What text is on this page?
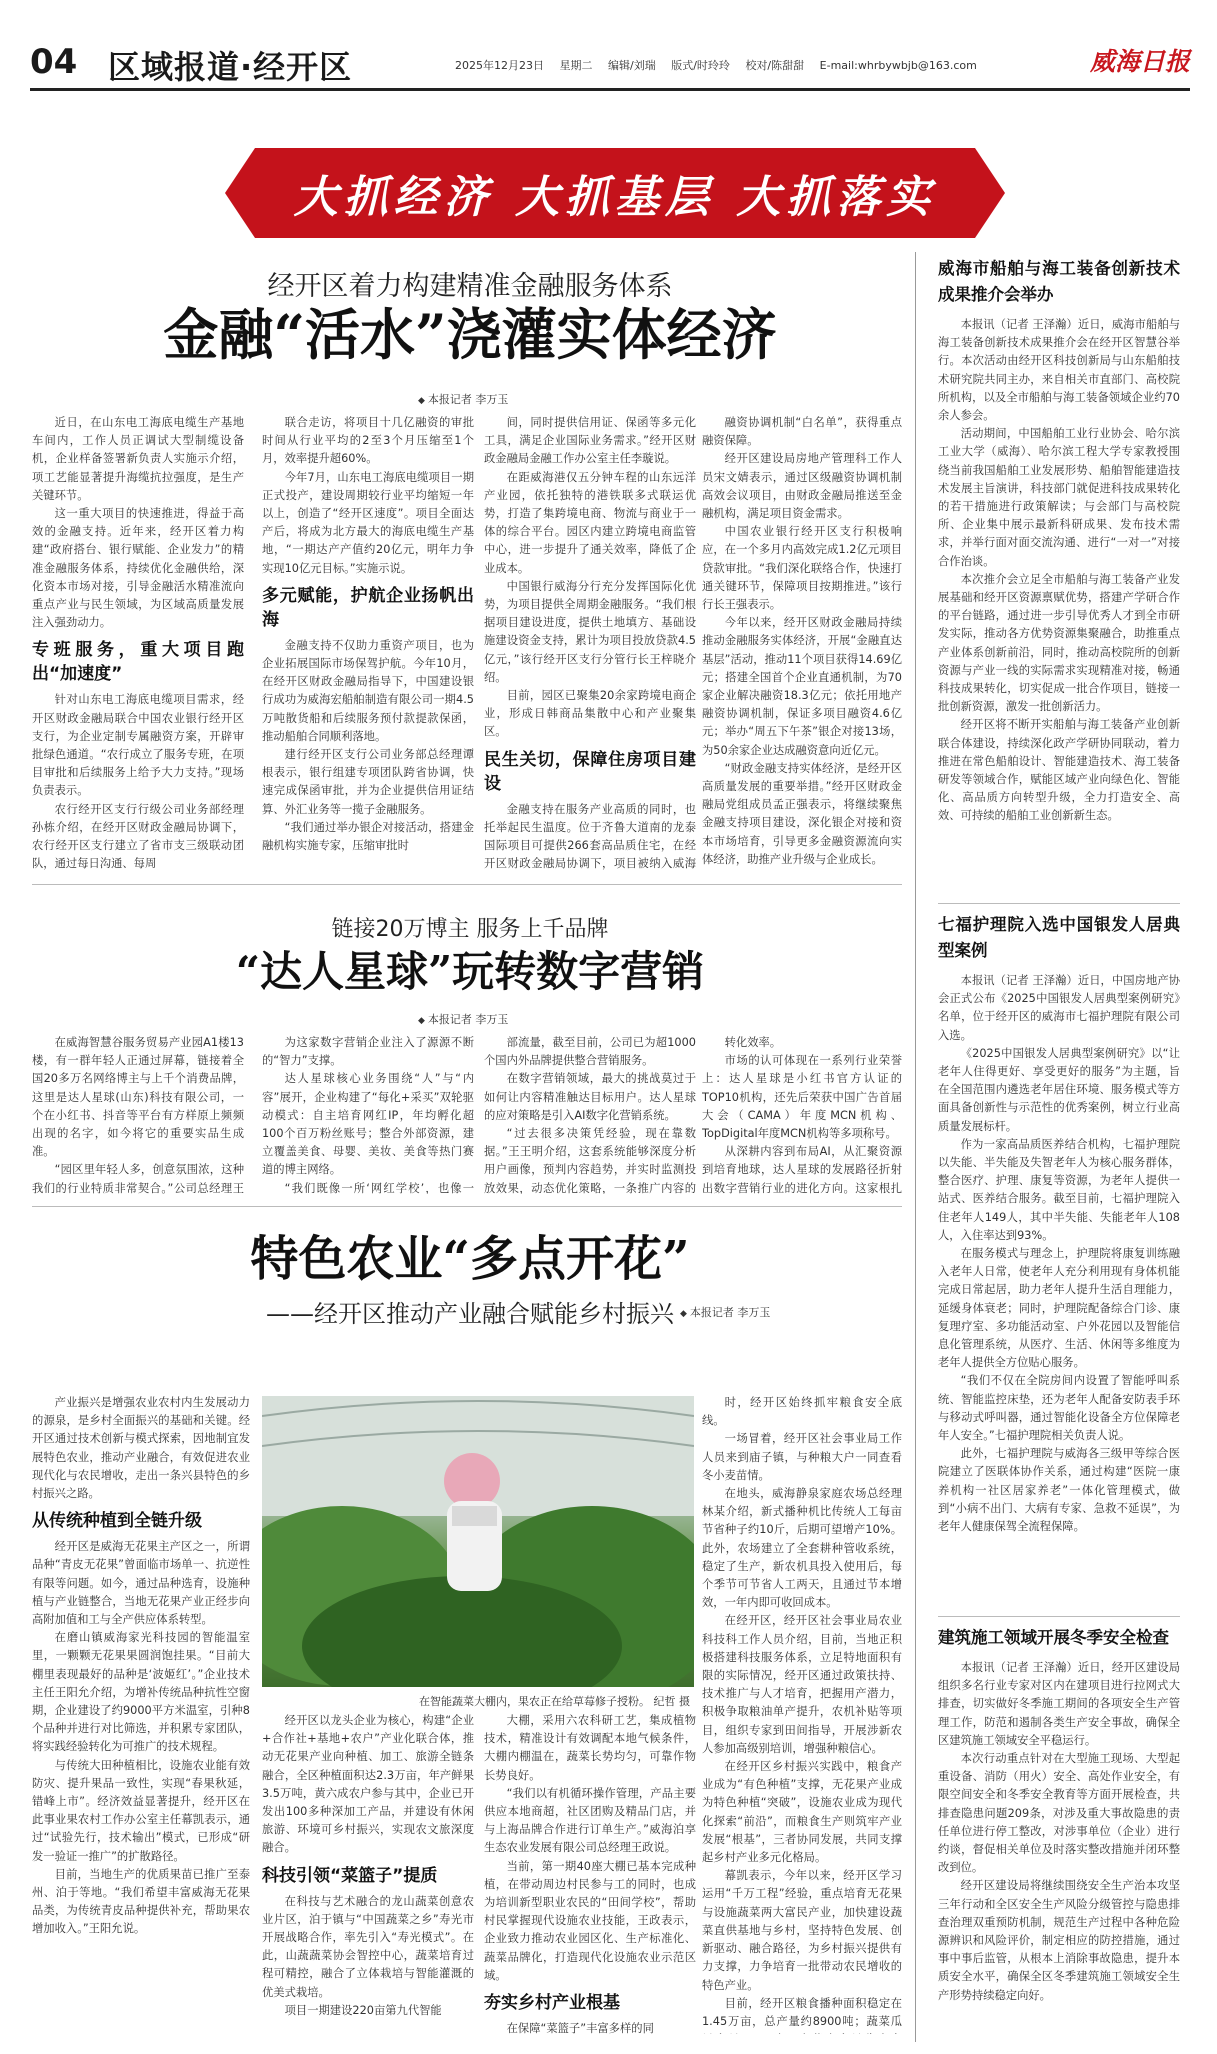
04 区域报道·经开区	2025年12月23日 星期二 编辑/刘瑞 版式/时玲玲 校对/陈甜甜 E-mail:whrbywbjb@163.com	威海日报
大抓经济 大抓基层 大抓落实
经开区着力构建精准金融服务体系
金融“活水”浇灌实体经济
◆ 本报记者 李万玉

近日，在山东电工海底电缆生产基地车间内，工作人员正调试大型制缆设备机，企业样备签署新负责人实施示介绍，项工艺能显著提升海缆抗拉强度，是生产关键环节。

这一重大项目的快速推进，得益于高效的金融支持。近年来，经开区着力构建“政府搭台、银行赋能、企业发力”的精准金融服务体系，持续优化金融供给，深化资本市场对接，引导金融活水精准流向重点产业与民生领域，为区域高质量发展注入强劲动力。

专班服务，重大项目跑出“加速度”

针对山东电工海底电缆项目需求，经开区财政金融局联合中国农业银行经开区支行，为企业定制专属融资方案，开辟审批绿色通道。“农行成立了服务专班，在项目审批和后续服务上给予大力支持。”现场负责表示。

农行经开区支行行级公司业务部经理孙栋介绍，在经开区财政金融局协调下，农行经开区支行建立了省市支三级联动团队，通过每日沟通、每周

联合走访，将项目十几亿融资的审批时间从行业平均的2至3个月压缩至1个月，效率提升超60%。

今年7月，山东电工海底电缆项目一期正式投产，建设周期较行业平均缩短一年以上，创造了“经开区速度”。项目全面达产后，将成为北方最大的海底电缆生产基地，“一期达产产值约20亿元，明年力争实现10亿元目标。”实施示说。

多元赋能，护航企业扬帆出海

金融支持不仅助力重资产项目，也为企业拓展国际市场保驾护航。今年10月，在经开区财政金融局指导下，中国建设银行成功为威海宏船舶制造有限公司一期4.5万吨散货船和后续服务预付款提款保函，推动船舶合同顺利落地。

建行经开区支行公司业务部总经理谭根表示，银行组建专项团队跨省协调，快速完成保函审批，并为企业提供信用证结算、外汇业务等一揽子金融服务。

“我们通过举办银企对接活动，搭建金融机构实施专家，压缩审批时

间，同时提供信用证、保函等多元化工具，满足企业国际业务需求。”经开区财政金融局金融工作办公室主任李璇说。

在距威海港仅五分钟车程的山东远洋产业园，依托独特的港铁联多式联运优势，打造了集跨境电商、物流与商业于一体的综合平台。园区内建立跨境电商监管中心，进一步提升了通关效率，降低了企业成本。

中国银行威海分行充分发挥国际化优势，为项目提供全周期金融服务。“我们根据项目建设进度，提供土地填方、基础设施建设资金支持，累计为项目投放贷款4.5亿元，”该行经开区支行分管行长王梓晓介绍。

目前，园区已聚集20余家跨境电商企业，形成日韩商品集散中心和产业聚集区。

民生关切，保障住房项目建设

金融支持在服务产业高质的同时，也托举起民生温度。位于齐鲁大道南的龙泰国际项目可提供266套高品质住宅，在经开区财政金融局协调下，项目被纳入威海

融资协调机制“白名单”，获得重点融资保障。

经开区建设局房地产管理科工作人员宋文婧表示，通过区级融资协调机制高效会议项目，由财政金融局推送至金融机构，满足项目资金需求。

中国农业银行经开区支行积极响应，在一个多月内高效完成1.2亿元项目贷款审批。“我们深化联络合作，快速打通关键环节，保障项目按期推进。”该行行长王强表示。

今年以来，经开区财政金融局持续推动金融服务实体经济，开展“金融直达基层”活动，推动11个项目获得14.69亿元；搭建全国首个企业直通机制，为70家企业解决融资18.3亿元；依托用地产融资协调机制，保证多项目融资4.6亿元；举办“周五下午茶”银企对接13场，为50余家企业达成融资意向近亿元。

“财政金融支持实体经济，是经开区高质量发展的重要举措。”经开区财政金融局党组成员孟正强表示，将继续聚焦金融支持项目建设，深化银企对接和资本市场培育，引导更多金融资源流向实体经济，助推产业升级与企业成长。

链接20万博主 服务上千品牌
“达人星球”玩转数字营销
◆ 本报记者 李万玉

在威海智慧谷服务贸易产业园A1楼13楼，有一群年轻人正通过屏幕，链接着全国20多万名网络博主与上千个消费品牌，这里是达人星球(山东)科技有限公司，一个在小红书、抖音等平台有方样原上频频出现的名字，如今将它的重要实品生成准。

“园区里年轻人多，创意氛围浓，这种我们的行业特质非常契合。”公司总经理王

为这家数字营销企业注入了源源不断的“智力”支撑。

达人星球核心业务围绕“人”与“内容”展开，企业构建了“每化+采买”双轮驱动模式：自主培育网红IP，年均孵化超100个百万粉丝账号；整合外部资源，建立覆盖美食、母婴、美妆、美食等热门赛道的博主网络。

“我们既像一所‘网红学校’，也像一

部流量，截至目前，公司已为超1000个国内外品牌提供整合营销服务。

在数字营销领域，最大的挑战莫过于如何让内容精准触达目标用户。达人星球的应对策略是引入AI数字化营销系统。

“过去很多决策凭经验，现在靠数据。”王王明介绍，这套系统能够深度分析用户画像，预判内容趋势，并实时监测投放效果，动态优化策略，一条推广内容的

转化效率。

市场的认可体现在一系列行业荣誉上：达人星球是小红书官方认证的TOP10机构，还先后荣获中国广告首届大会（CAMA）年度MCN机构、TopDigital年度MCN机构等多项称号。

从深耕内容到布局AI，从汇聚资源到培育地球，达人星球的发展路径折射出数字营销行业的进化方向。这家根扎

特色农业“多点开花”
——经开区推动产业融合赋能乡村振兴
◆	本报记者 李万玉

产业振兴是增强农业农村内生发展动力的源泉，是乡村全面振兴的基础和关键。经开区通过技术创新与模式探索，因地制宜发展特色农业，推动产业融合，有效促进农业现代化与农民增收，走出一条兴县特色的乡村振兴之路。

从传统种植到全链升级

经开区是威海无花果主产区之一，所谓品种“青皮无花果”曾面临市场单一、抗逆性有限等问题。如今，通过品种选育，设施种植与产业链整合，当地无花果产业正经步向高附加值和工与全产供应体系转型。

在磨山镇威海家光科技园的智能温室里，一颗颗无花果果圆润饱挂果。“目前大棚里表现最好的品种是‘波姬红’。”企业技术主任王阳允介绍，为增补传统品种抗性空窗期，企业建设了约9000平方米温室，引种8个品种并进行对比筛选，并积累专家团队，将实践经验转化为可推广的技术规程。

与传统大田种植相比，设施农业能有效防灾、提升果品一致性，实现“春果秋延，错峰上市”。经济效益显著提升，经开区在此事业果农村工作办公室主任幕凯表示，通过“试验先行，技术输出”模式，已形成“研发一验证一推广”的扩散路径。

目前，当地生产的优质果苗已推广至泰州、泊于等地。“我们希望丰富威海无花果品类，为传统青皮品种提供补充，帮助果农增加收入。”王阳允说。

在智能蔬菜大棚内，果农正在给草莓修子授粉。 纪哲 摄

经开区以龙头企业为核心，构建“企业+合作社+基地+农户”产业化联合体，推动无花果产业向种植、加工、旅游全链条融合，全区种植面积达2.3万亩，年产鲜果3.5万吨，黄六成农户参与其中，企业已开发出100多种深加工产品，并建设有休闲旅游、环境可乡村振兴，实现农文旅深度融合。

科技引领“菜篮子”提质

在科技与艺术融合的龙山蔬菜创意农业片区，泊于镇与“中国蔬菜之乡”寿光市开展战略合作，率先引入“寿光模式”。在此，山蔬蔬菜协会智控中心，蔬菜培育过程可精控，融合了立体栽培与智能灌溉的优美式栽培。

项目一期建设220亩第九代智能

大棚，采用六农科研工艺，集成植物技术，精准设计有效调配本地气候条件，大棚内棚温在，蔬菜长势均匀，可靠作物长势良好。

“我们以有机循环操作管理，产品主要供应本地商超，社区团购及精品门店，并与上海品牌合作进行订单生产。”威海泊享生态农业发展有限公司总经理王政说。

当前，第一期40座大棚已基本完成种植，在带动周边村民参与工的同时，也成为培训新型职业农民的“田间学校”，帮助村民掌握现代设施农业技能，王政表示，企业致力推动农业园区化、生产标准化、蔬菜品牌化，打造现代化设施农业示范区域。

夯实乡村产业根基

在保障“菜篮子”丰富多样的同

时，经开区始终抓牢粮食安全底线。

一场冒着，经开区社会事业局工作人员来到庙子镇，与种粮大户一同查看冬小麦苗情。

在地头，威海静泉家庭农场总经理林某介绍，新式播种机比传统人工每亩节省种子约10斤，后期可望增产10%。此外，农场建立了全套耕种管收系统，稳定了生产，新农机具投入使用后，每个季节可节省人工两天，且通过节本增效，一年内即可收回成本。

在经开区，经开区社会事业局农业科技科工作人员介绍，目前，当地正积极搭建科技服务体系，立足特地面积有限的实际情况，经开区通过政策扶持、技术推广与人才培育，把握用产潜力，积极争取粮油单产提升，农机补贴等项目，组织专家到田间指导，开展涉新农人参加高级别培训，增强种粮信心。

在经开区乡村振兴实践中，粮食产业成为“有色种植”支撑，无花果产业成为特色种植“突破”，设施农业成为现代化探索“前沿”，而粮食生产则筑牢产业发展“根基”，三者协同发展，共同支撑起乡村产业多元化格局。

幕凯表示，今年以来，经开区学习运用“千万工程”经验，重点培育无花果与设施蔬菜两大富民产业，加快建设蔬菜直供基地与乡村，坚持特色发展、创新驱动、融合路径，为乡村振兴提供有力支撑，力争培育一批带动农民增收的特色产业。

目前，经开区粮食播种面积稳定在1.45万亩，总产量约8900吨；蔬菜瓜

威海市船舶与海工装备创新技术成果推介会举办

本报讯（记者 王泽瀚）近日，威海市船舶与海工装备创新技术成果推介会在经开区智慧谷举行。本次活动由经开区科技创新局与山东船舶技术研究院共同主办，来自相关市直部门、高校院所机构，以及全市船舶与海工装备领域企业约70余人参会。

活动期间，中国船舶工业行业协会、哈尔滨工业大学（威海）、哈尔滨工程大学专家教授围绕当前我国船舶工业发展形势、船舶智能建造技术发展主旨演讲，科技部门就促进科技成果转化的若干措施进行政策解读；与会部门与高校院所、企业集中展示最新科研成果、发布技术需求，并举行面对面交流沟通、进行“一对一”对接合作治谈。

本次推介会立足全市船舶与海工装备产业发展基础和经开区资源禀赋优势，搭建产学研合作的平台链路，通过进一步引导优秀人才到全市研发实际，推动各方优势资源集聚融合，助推重点产业体系创新前沿，同时，推动高校院所的创新资源与产业一线的实际需求实现精准对接，畅通科技成果转化，切实促成一批合作项目，链接一批创新资源，激发一批创新活力。

经开区将不断开实船舶与海工装备产业创新联合体建设，持续深化政产学研协同联动，着力推进在常色船舶设计、智能建造技术、海工装备研发等领域合作，赋能区域产业向绿色化、智能化、高品质方向转型升级，全力打造安全、高效、可持续的船舶工业创新新生态。

七福护理院入选中国银发人居典型案例

本报讯（记者 王泽瀚）近日，中国房地产协会正式公布《2025中国银发人居典型案例研究》名单，位于经开区的威海市七福护理院有限公司入选。

《2025中国银发人居典型案例研究》以“让老年人住得更好、享受更好的服务”为主题，旨在全国范围内遴选老年居住环境、服务模式等方面具备创新性与示范性的优秀案例，树立行业高质量发展标杆。

作为一家高品质医养结合机构，七福护理院以失能、半失能及失智老年人为核心服务群体，整合医疗、护理、康复等资源，为老年人提供一站式、医养结合服务。截至目前，七福护理院入住老年人149人，其中半失能、失能老年人108人，入住率达到93%。

在服务模式与理念上，护理院将康复训练融入老年人日常，使老年人充分利用现有身体机能完成日常起居，助力老年人提升生活自理能力，延缓身体衰老；同时，护理院配备综合门诊、康复理疗室、多功能活动室、户外花园以及智能信息化管理系统，从医疗、生活、休闲等多维度为老年人提供全方位贴心服务。

“我们不仅在全院房间内设置了智能呼叫系统、智能监控床垫，还为老年人配备安防表手环与移动式呼叫器，通过智能化设备全方位保障老年人安全。”七福护理院相关负责人说。

此外，七福护理院与威海各三级甲等综合医院建立了医联体协作关系，通过构建“医院一康养机构一社区居家养老”一体化管理模式，做到“小病不出门、大病有专家、急救不延误”，为老年人健康保驾全流程保障。

建筑施工领域开展冬季安全检查

本报讯（记者 王泽瀚）近日，经开区建设局组织多名行业专家对区内在建项目进行拉网式大排查，切实做好冬季施工期间的各项安全生产管理工作，防范和遏制各类生产安全事故，确保全区建筑施工领域安全平稳运行。

本次行动重点针对在大型施工现场、大型起重设备、消防（用火）安全、高处作业安全，有限空间安全和冬季安全教育等方面开展检查，共排查隐患问题209条，对涉及重大事故隐患的责任单位进行停工整改，对涉事单位（企业）进行约谈，督促相关单位及时落实整改措施并闭环整改到位。

经开区建设局将继续围绕安全生产治本攻坚三年行动和全区安全生产风险分级管控与隐患排查治理双重预防机制，规范生产过程中各种危险源辨识和风险评价，制定相应的防控措施，通过事中事后监管，从根本上消除事故隐患，提升本质安全水平，确保全区冬季建筑施工领域安全生产形势持续稳定向好。
